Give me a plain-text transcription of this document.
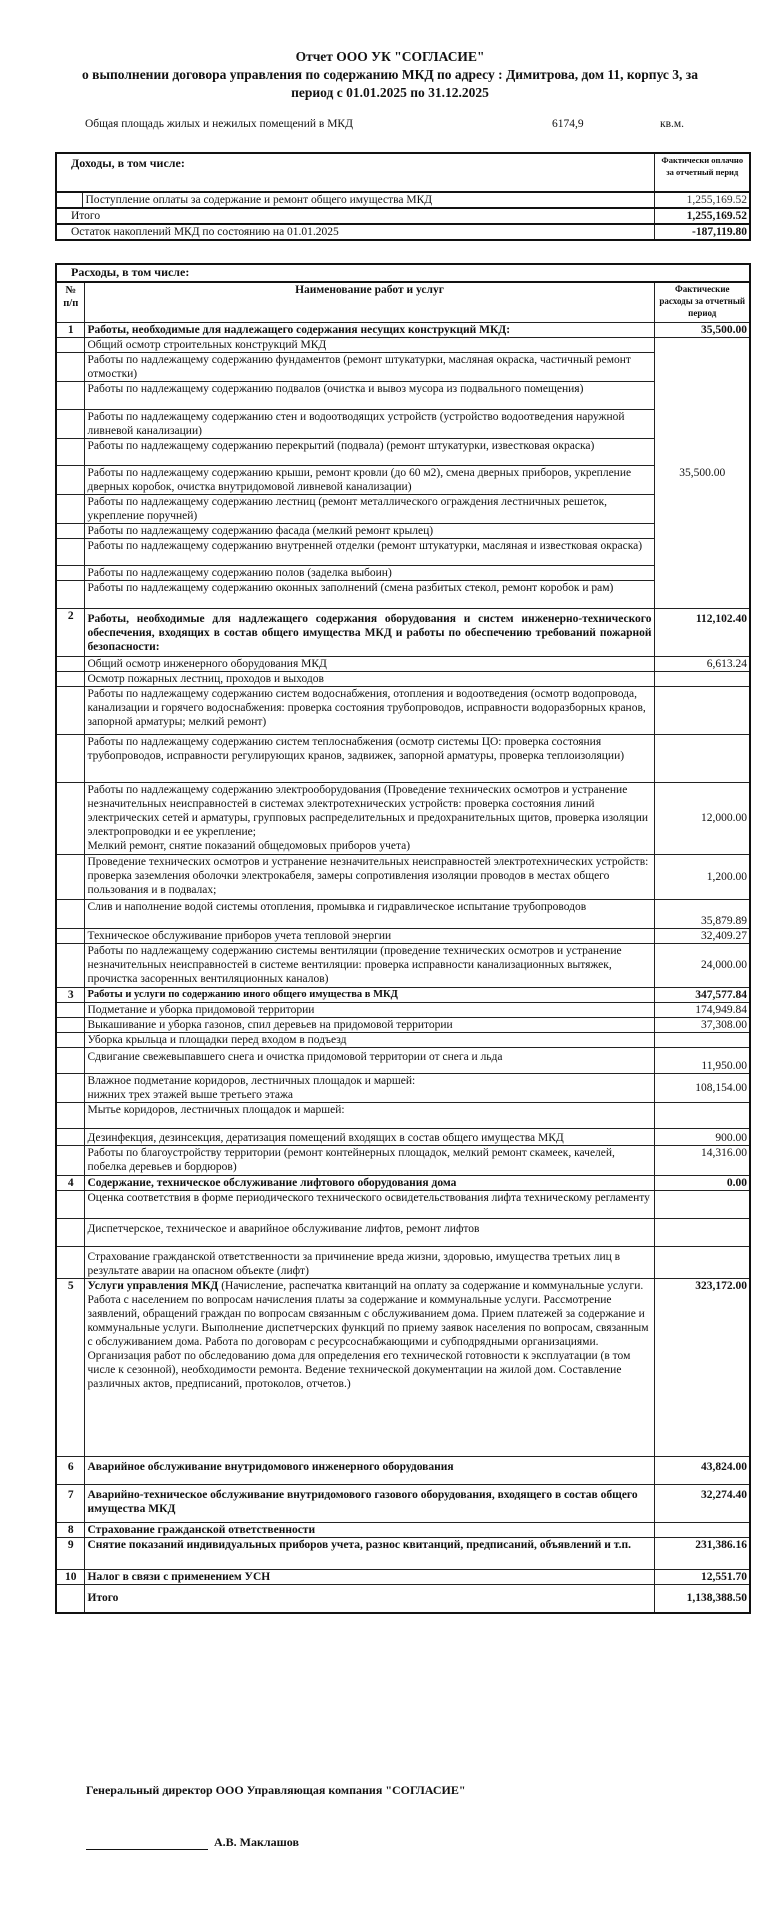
Отчет ООО УК "СОГЛАСИЕ"
о выполнении договора управления по содержанию МКД по адресу : Димитрова, дом 11, корпус 3, за
период с 01.01.2025 по 31.12.2025
Общая площадь жилых и нежилых помещений в МКД	6174,9	кв.м.
Доходы, в том числе:		Фактически оплачно за отчетный перид
	Поступление оплаты за содержание и ремонт общего имущества МКД	1,255,169.52
Итого		1,255,169.52
Остаток накоплений МКД по состоянию на 01.01.2025		-187,119.80
Расходы, в том числе:		
№ п/п	Наименование работ и услуг	Фактические расходы за отчетный период
1	Работы, необходимые для надлежащего содержания несущих конструкций МКД:	35,500.00
	Общий осмотр строительных конструкций МКД	35,500.00
	Работы по надлежащему содержанию фундаментов (ремонт штукатурки, масляная окраска, частичный ремонт отмостки)	
	Работы по надлежащему содержанию подвалов (очистка и вывоз мусора из подвального помещения)	
	Работы по надлежащему содержанию стен и водоотводящих устройств (устройство водоотведения наружной ливневой канализации)	
	Работы по надлежащему содержанию перекрытий (подвала) (ремонт штукатурки, известковая окраска)	
	Работы по надлежащему содержанию крыши, ремонт кровли (до 60 м2), смена дверных приборов, укрепление дверных коробок, очистка внутридомовой ливневой канализации)	
	Работы по надлежащему содержанию лестниц (ремонт металлического ограждения лестничных решеток, укрепление поручней)	
	Работы по надлежащему содержанию фасада (мелкий ремонт крылец)	
	Работы по надлежащему содержанию внутренней отделки (ремонт штукатурки, масляная и известковая окраска)	
	Работы по надлежащему содержанию полов (заделка выбоин)	
	Работы по надлежащему содержанию оконных заполнений (смена разбитых стекол, ремонт коробок и рам)	
2	Работы, необходимые для надлежащего содержания оборудования и систем инженерно-технического обеспечения, входящих в состав общего имущества МКД и работы по обеспечению требований пожарной безопасности:	112,102.40
	Общий осмотр инженерного оборудования МКД	6,613.24
	Осмотр пожарных лестниц, проходов и выходов	
	Работы по надлежащему содержанию систем водоснабжения, отопления и водоотведения (осмотр водопровода, канализации и горячего водоснабжения: проверка состояния трубопроводов, исправности водоразборных кранов, запорной арматуры; мелкий ремонт)	
	Работы по надлежащему содержанию систем теплоснабжения (осмотр системы ЦО: проверка состояния трубопроводов, исправности регулирующих кранов, задвижек, запорной арматуры, проверка теплоизоляции)	
	Работы по надлежащему содержанию электрооборудования (Проведение технических осмотров и устранение незначительных неисправностей в системах электротехнических устройств: проверка состояния линий электрических сетей и арматуры, групповых распределительных и предохранительных щитов, проверка изоляции электропроводки и ее укрепление;
Мелкий ремонт, снятие показаний общедомовых приборов учета)	12,000.00
	Проведение технических осмотров и устранение незначительных неисправностей электротехнических устройств: проверка заземления оболочки электрокабеля, замеры сопротивления изоляции проводов в местах общего пользования и в подвалах;	1,200.00
	Слив и наполнение водой системы отопления, промывка и гидравлическое испытание трубопроводов	35,879.89
	Техническое обслуживание приборов учета тепловой энергии	32,409.27
	Работы по надлежащему содержанию системы вентиляции (проведение технических осмотров и устранение незначительных неисправностей в системе вентиляции: проверка исправности канализационных вытяжек, прочистка засоренных вентиляционных каналов)	24,000.00
3	Работы и услуги по содержанию иного общего имущества в МКД	347,577.84
	Подметание и уборка придомовой территории	174,949.84
	Выкашивание и уборка газонов, спил деревьев на придомовой территории	37,308.00
	Уборка крыльца и площадки перед входом в подъезд	
	Сдвигание свежевыпавшего снега и очистка придомовой территории от снега и льда	11,950.00
	Влажное подметание коридоров, лестничных площадок и маршей:
нижних трех этажей выше третьего этажа	108,154.00
	Мытье коридоров, лестничных площадок и маршей:	
	Дезинфекция, дезинсекция, дератизация помещений входящих в состав общего имущества МКД	900.00
	Работы по благоустройству территории (ремонт контейнерных площадок, мелкий ремонт скамеек, качелей, побелка деревьев и бордюров)	14,316.00
4	Содержание, техническое обслуживание лифтового оборудования дома	0.00
	Оценка соответствия в форме периодического технического освидетельствования лифта техническому регламенту	
	Диспетчерское, техническое и аварийное обслуживание лифтов, ремонт лифтов	
	Страхование гражданской ответственности за причинение вреда жизни, здоровью, имущества третьих лиц в результате аварии на опасном объекте (лифт)	
5	Услуги управления МКД (Начисление, распечатка квитанций на оплату за содержание и коммунальные услуги. Работа с населением по вопросам начисления платы за содержание и коммунальные услуги. Рассмотрение заявлений, обращений граждан по вопросам связанным с обслуживанием дома. Прием платежей за содержание и коммунальные услуги. Выполнение диспетчерских функций по приему заявок населения по вопросам, связанным с обслуживанием дома. Работа по договорам с ресурсоснабжающими и субподрядными организациями. Организация работ по обследованию дома для определения его технической готовности к эксплуатации (в том числе к сезонной), необходимости ремонта. Ведение технической документации на жилой дом. Составление различных актов, предписаний, протоколов, отчетов.)	323,172.00
6	Аварийное обслуживание внутридомового инженерного оборудования	43,824.00
7	Аварийно-техническое обслуживание внутридомового газового оборудования, входящего в состав общего имущества МКД	32,274.40
8	Страхование гражданской ответственности	
9	Снятие показаний индивидуальных приборов учета, разнос квитанций, предписаний, объявлений и т.п.	231,386.16
10	Налог в связи с применением УСН	12,551.70
	Итого	1,138,388.50
Генеральный директор ООО Управляющая компания "СОГЛАСИЕ"
А.В. Маклашов
